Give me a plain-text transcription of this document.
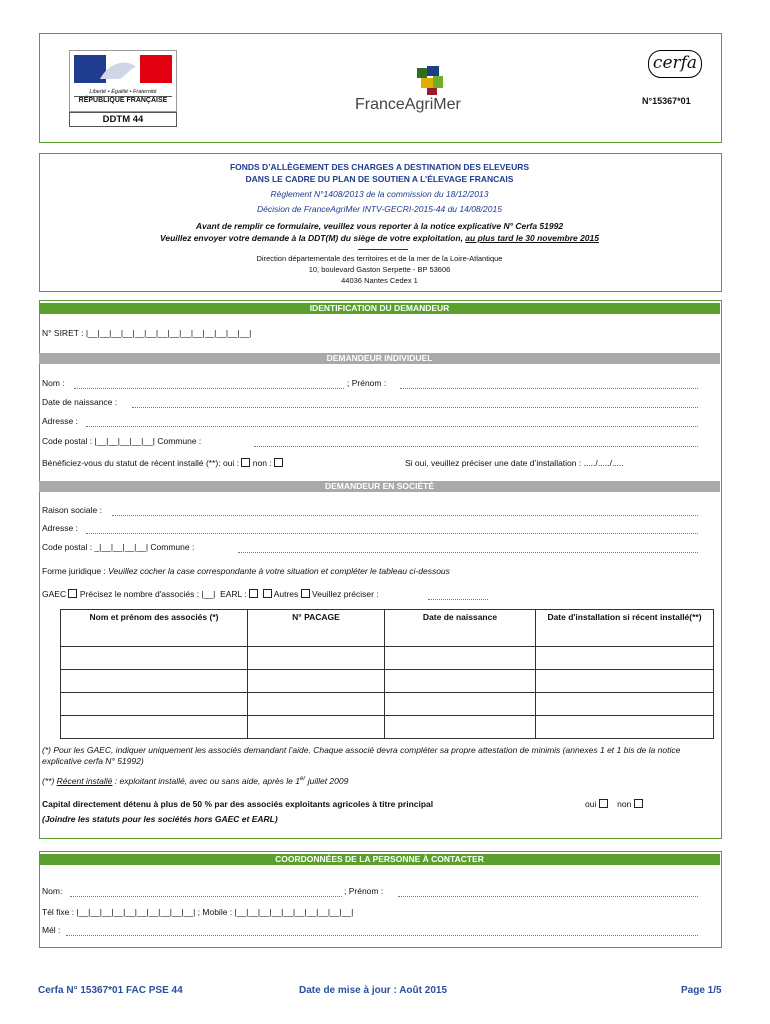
Liberté • Égalité • Fraternité
RÉPUBLIQUE FRANÇAISE
DDTM 44
FranceAgriMer
cerfa
N°15367*01
FONDS D’ALLÈGEMENT DES CHARGES A DESTINATION DES ELEVEURS
DANS LE CADRE DU PLAN DE SOUTIEN A L’ÉLEVAGE FRANCAIS
Règlement N°1408/2013 de la commission du 18/12/2013
Décision de FranceAgriMer INTV-GECRI-2015-44 du 14/08/2015
Avant de remplir ce formulaire, veuillez vous reporter à la notice explicative N° Cerfa 51992
Veuillez envoyer votre demande à la DDT(M) du siège de votre exploitation, au plus tard le 30 novembre 2015
Direction départementale des territoires et de la mer de la Loire-Atlantique
10, boulevard Gaston Serpette - BP 53606
44036 Nantes Cedex 1
IDENTIFICATION DU DEMANDEUR
N° SIRET : |__|__|__|__|__|__|__|__|__|__|__|__|__|__|
DEMANDEUR INDIVIDUEL
Nom :	; Prénom :
Date de naissance :
Adresse :
Code postal : |__|__|__|__|__| Commune :
Bénéficiez-vous du statut de récent installé (**): oui : non :	Si oui, veuillez préciser une date d’installation : ...../...../.....
DEMANDEUR EN SOCIÉTÉ
Raison sociale :
Adresse :
Code postal : _|__|__|__|__| Commune :
Forme juridique : Veuillez cocher la case correspondante à votre situation et compléter le tableau ci-dessous
GAEC Précisez le nombre d'associés : |__| EARL :	Autres Veuillez préciser :
Nom et prénom des associés (*)	N° PACAGE	Date de naissance	Date d'installation si récent installé(**)

(*) Pour les GAEC, indiquer uniquement les associés demandant l’aide. Chaque associé devra compléter sa propre attestation de minimis (annexes 1 et 1 bis de la notice explicative cerfa N° 51992)
(**) Récent installé : exploitant installé, avec ou sans aide, après le 1er juillet 2009
Capital directement détenu à plus de 50 % par des associés exploitants agricoles à titre principal	oui non
(Joindre les statuts pour les sociétés hors GAEC et EARL)
COORDONNÉES DE LA PERSONNE À CONTACTER
Nom:	; Prénom :
Tél fixe : |__|__|__|__|__|__|__|__|__|__| ; Mobile : |__|__|__|__|__|__|__|__|__|__|
Mél :
Cerfa N° 15367*01 FAC PSE 44	Date de mise à jour : Août 2015	Page 1/5
